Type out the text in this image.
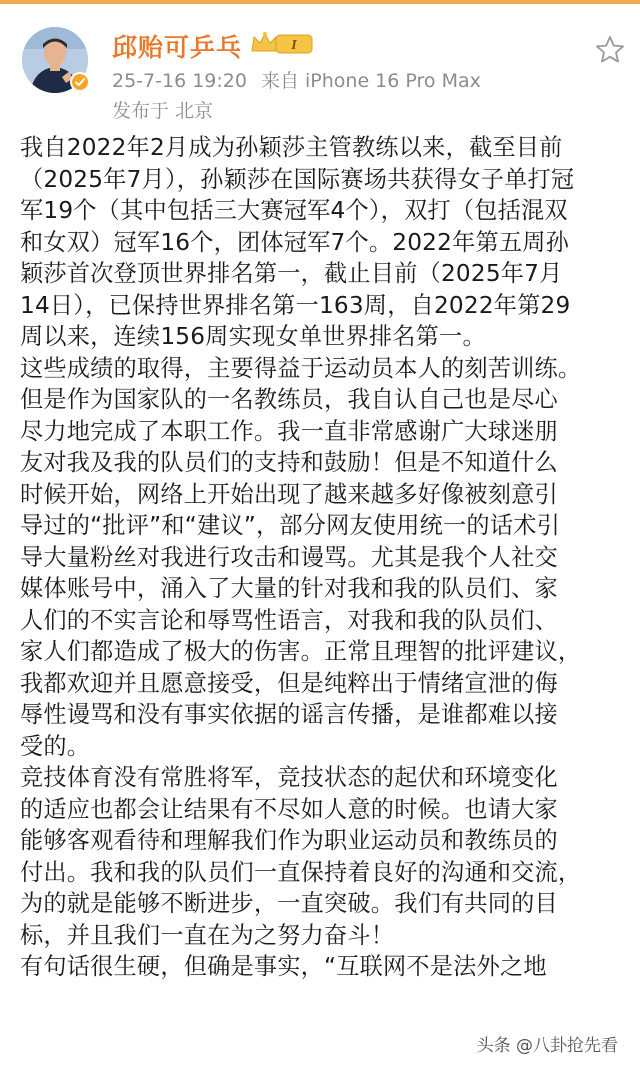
邱贻可乒乓	I
25-7-16 19:20 来自 iPhone 16 Pro Max
发布于 北京
我自2022年2月成为孙颖莎主管教练以来，截至目前
（2025年7月），孙颖莎在国际赛场共获得女子单打冠
军19个（其中包括三大赛冠军4个），双打（包括混双
和女双）冠军16个，团体冠军7个。2022年第五周孙
颖莎首次登顶世界排名第一，截止目前（2025年7月
14日），已保持世界排名第一163周，自2022年第29
周以来，连续156周实现女单世界排名第一。
这些成绩的取得，主要得益于运动员本人的刻苦训练。
但是作为国家队的一名教练员，我自认自己也是尽心
尽力地完成了本职工作。我一直非常感谢广大球迷朋
友对我及我的队员们的支持和鼓励！但是不知道什么
时候开始，网络上开始出现了越来越多好像被刻意引
导过的“批评”和“建议”，部分网友使用统一的话术引
导大量粉丝对我进行攻击和谩骂。尤其是我个人社交
媒体账号中，涌入了大量的针对我和我的队员们、家
人们的不实言论和辱骂性语言，对我和我的队员们、
家人们都造成了极大的伤害。正常且理智的批评建议，
我都欢迎并且愿意接受，但是纯粹出于情绪宣泄的侮
辱性谩骂和没有事实依据的谣言传播，是谁都难以接
受的。
竞技体育没有常胜将军，竞技状态的起伏和环境变化
的适应也都会让结果有不尽如人意的时候。也请大家
能够客观看待和理解我们作为职业运动员和教练员的
付出。我和我的队员们一直保持着良好的沟通和交流，
为的就是能够不断进步，一直突破。我们有共同的目
标，并且我们一直在为之努力奋斗！
有句话很生硬，但确是事实，“互联网不是法外之地
头条 @八卦抢先看
